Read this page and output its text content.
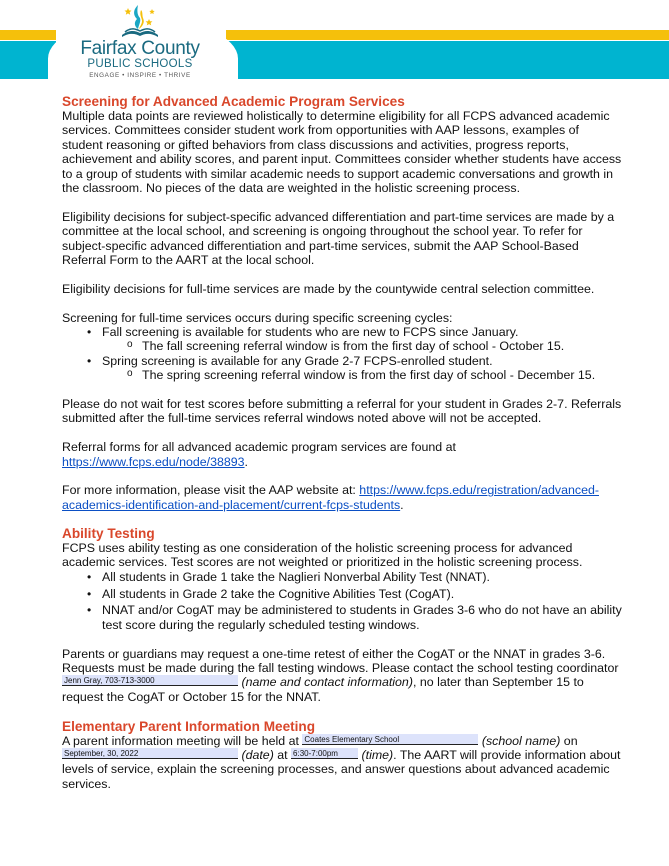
Fairfax County
PUBLIC SCHOOLS
ENGAGE • INSPIRE • THRIVE
Screening for Advanced Academic Program Services

Multiple data points are reviewed holistically to determine eligibility for all FCPS advanced academic services. Committees consider student work from opportunities with AAP lessons, examples of student reasoning or gifted behaviors from class discussions and activities, progress reports, achievement and ability scores, and parent input. Committees consider whether students have access to a group of students with similar academic needs to support academic conversations and growth in the classroom. No pieces of the data are weighted in the holistic screening process.

Eligibility decisions for subject-specific advanced differentiation and part-time services are made by a committee at the local school, and screening is ongoing throughout the school year. To refer for subject-specific advanced differentiation and part-time services, submit the AAP School-Based Referral Form to the AART at the local school.

Eligibility decisions for full-time services are made by the countywide central selection committee.

Screening for full-time services occurs during specific screening cycles:

• Fall screening is available for students who are new to FCPS since January.
o The fall screening referral window is from the first day of school - October 15.
• Spring screening is available for any Grade 2-7 FCPS-enrolled student.
o The spring screening referral window is from the first day of school - December 15.

Please do not wait for test scores before submitting a referral for your student in Grades 2-7. Referrals submitted after the full-time services referral windows noted above will not be accepted.

Referral forms for all advanced academic program services are found at
https://www.fcps.edu/node/38893.

For more information, please visit the AAP website at: https://www.fcps.edu/registration/advanced-academics-identification-and-placement/current-fcps-students.

Ability Testing

FCPS uses ability testing as one consideration of the holistic screening process for advanced academic services. Test scores are not weighted or prioritized in the holistic screening process.

• All students in Grade 1 take the Naglieri Nonverbal Ability Test (NNAT).
• All students in Grade 2 take the Cognitive Abilities Test (CogAT).
• NNAT and/or CogAT may be administered to students in Grades 3-6 who do not have an ability test score during the regularly scheduled testing windows.

Parents or guardians may request a one-time retest of either the CogAT or the NNAT in grades 3-6. Requests must be made during the fall testing windows. Please contact the school testing coordinator
Jenn Gray, 703-713-3000	(name and contact information), no later than September 15 to request the CogAT or October 15 for the NNAT.

Elementary Parent Information Meeting

A parent information meeting will be held at Coates Elementary School	(school name) on
September, 30, 2022	(date) at 6:30-7:00pm (time). The AART will provide information about levels of service, explain the screening processes, and answer questions about advanced academic services.
